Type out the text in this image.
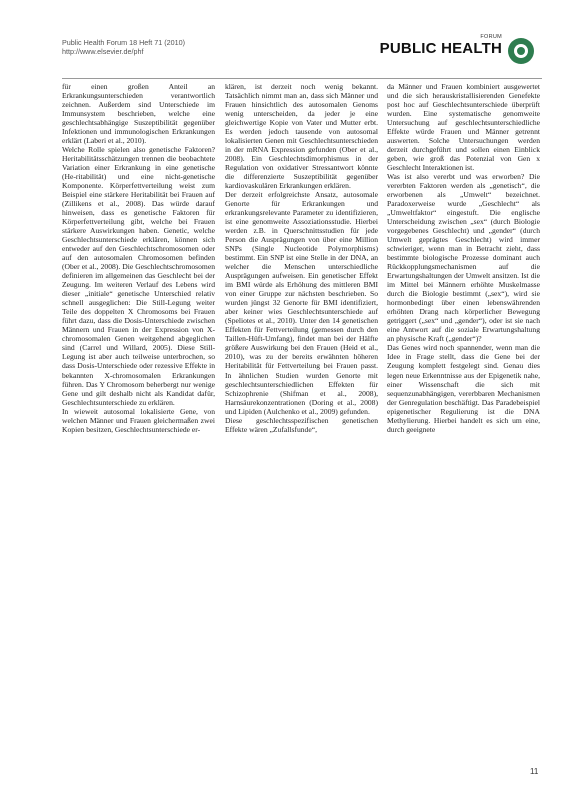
Public Health Forum 18 Heft 71 (2010)
http://www.elsevier.de/phf
FORUM
PUBLIC HEALTH

für einen großen Anteil an Erkrankungsunterschieden verantwortlich zeichnen. Außerdem sind Unterschiede im Immunsystem beschrieben, welche eine geschlechtsabhängige Suszeptibilität gegenüber Infektionen und immunologischen Erkrankungen erklärt (Laberi et al., 2010).

Welche Rolle spielen also genetische Faktoren? Heritabilitätsschätzungen trennen die beobachtete Variation einer Erkrankung in eine genetische (He-ritabilität) und eine nicht-genetische Komponente. Körperfettverteilung weist zum Beispiel eine stärkere Heritabilität bei Frauen auf (Zillikens et al., 2008). Das würde darauf hinweisen, dass es genetische Faktoren für Körperfettverteilung gibt, welche bei Frauen stärkere Auswirkungen haben. Genetic, welche Geschlechtsunterschiede erklären, können sich entweder auf den Geschlechtschromosomen oder auf den autosomalen Chromosomen befinden (Ober et al., 2008). Die Geschlechtschromosomen definieren im allgemeinen das Geschlecht bei der Zeugung. Im weiteren Verlauf des Lebens wird dieser „initiale“ genetische Unterschied relativ schnell ausgeglichen: Die Still-Legung weiter Teile des doppelten X Chromosoms bei Frauen führt dazu, dass die Dosis-Unterschiede zwischen Männern und Frauen in der Expression von X-chromosomalen Genen weitgehend abgeglichen sind (Carrel und Willard, 2005). Diese Still-Legung ist aber auch teilweise unterbrochen, so dass Dosis-Unterschiede oder rezessive Effekte in bekannten X-chromosomalen Erkrankungen führen. Das Y Chromosom beherbergt nur wenige Gene und gilt deshalb nicht als Kandidat dafür, Geschlechtsunterschiede zu erklären.

In wieweit autosomal lokalisierte Gene, von welchen Männer und Frauen gleichermaßen zwei Kopien besitzen, Geschlechtsunterschiede er-

klären, ist derzeit noch wenig bekannt. Tatsächlich nimmt man an, dass sich Männer und Frauen hinsichtlich des autosomalen Genoms wenig unterscheiden, da jeder je eine gleichwertige Kopie von Vater und Mutter erbt. Es werden jedoch tausende von autosomal lokalisierten Genen mit Geschlechtsunterschieden in der mRNA Expression gefunden (Ober et al., 2008). Ein Geschlechtsdimorphismus in der Regulation von oxidativer Stressantwort könnte die differenzierte Suszeptibilität gegenüber kardiovaskulären Erkrankungen erklären.

Der derzeit erfolgreichste Ansatz, autosomale Genorte für Erkrankungen und erkrankungsrelevante Parameter zu identifizieren, ist eine genomweite Assoziationsstudie. Hierbei werden z.B. in Querschnittsstudien für jede Person die Ausprägungen von über eine Million SNPs (Single Nucleotide Polymorphisms) bestimmt. Ein SNP ist eine Stelle in der DNA, an welcher die Menschen unterschiedliche Ausprägungen aufweisen. Ein genetischer Effekt im BMI würde als Erhöhung des mittleren BMI von einer Gruppe zur nächsten beschrieben. So wurden jüngst 32 Genorte für BMI identifiziert, aber keiner wies Geschlechtsunterschiede auf (Speliotes et al., 2010). Unter den 14 genetischen Effekten für Fettverteilung (gemessen durch den Taillen-Hüft-Umfang), findet man bei der Hälfte größere Auswirkung bei den Frauen (Heid et al., 2010), was zu der bereits erwähnten höheren Heritabilität für Fettverteilung bei Frauen passt. In ähnlichen Studien wurden Genorte mit geschlechtsunterschiedlichen Effekten für Schizophrenie (Shifman et al., 2008), Harnsäurekonzentrationen (Doring et al., 2008) und Lipiden (Aulchenko et al., 2009) gefunden.

Diese geschlechtsspezifischen genetischen Effekte wären „Zufallsfunde“,

da Männer und Frauen kombiniert ausgewertet und die sich herauskristallisierenden Genefekte post hoc auf Geschlechtsunterschiede überprüft wurden. Eine systematische genomweite Untersuchung auf geschlechtsunterschiedliche Effekte würde Frauen und Männer getrennt auswerten. Solche Untersuchungen werden derzeit durchgeführt und sollen einen Einblick geben, wie groß das Potenzial von Gen x Geschlecht Interaktionen ist.

Was ist also vererbt und was erworben? Die vererbten Faktoren werden als „genetisch“, die erworbenen als „Umwelt“ bezeichnet. Paradoxerweise wurde „Geschlecht“ als „Umweltfaktor“ eingestuft. Die englische Unterscheidung zwischen „sex“ (durch Biologie vorgegebenes Geschlecht) und „gender“ (durch Umwelt geprägtes Geschlecht) wird immer schwieriger, wenn man in Betracht zieht, dass bestimmte biologische Prozesse dominant auch Rückkopplungsmechanismen auf die Erwartungshaltungen der Umwelt ansitzen. Ist die im Mittel bei Männern erhöhte Muskelmasse durch die Biologie bestimmt („sex“), wird sie hormonbedingt über einen lebenswährenden erhöhten Drang nach körperlicher Bewegung getriggert („sex“ und „gender“), oder ist sie nach eine Antwort auf die soziale Erwartungshaltung an physische Kraft („gender“)?

Das Genes wird noch spannender, wenn man die Idee in Frage stellt, dass die Gene bei der Zeugung komplett festgelegt sind. Genau dies legen neue Erkenntnisse aus der Epigenetik nahe, einer Wissenschaft die sich mit sequenzunabhängigen, vererbbaren Mechanismen der Genregulation beschäftigt. Das Paradebeispiel epigenetischer Regulierung ist die DNA Methylierung. Hierbei handelt es sich um eine, durch geeignete

11
